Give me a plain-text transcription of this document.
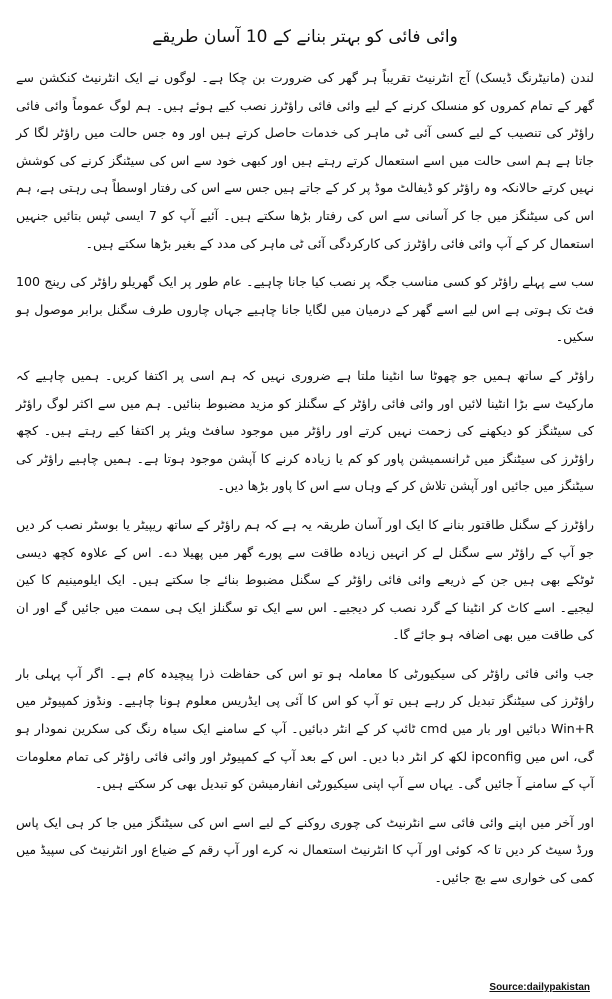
وائی فائی کو بہتر بنانے کے 10 آسان طریقے

لندن (مانیٹرنگ ڈیسک) آج انٹرنیٹ تقریباً ہر گھر کی ضرورت بن چکا ہے۔ لوگوں نے ایک انٹرنیٹ کنکشن سے گھر کے تمام کمروں کو منسلک کرنے کے لیے وائی فائی راؤٹرز نصب کیے ہوئے ہیں۔ ہم لوگ عموماً وائی فائی راؤٹر کی تنصیب کے لیے کسی آئی ٹی ماہر کی خدمات حاصل کرتے ہیں اور وہ جس حالت میں راؤٹر لگا کر جاتا ہے ہم اسی حالت میں اسے استعمال کرتے رہتے ہیں اور کبھی خود سے اس کی سیٹنگز کرنے کی کوشش نہیں کرتے حالانکہ وہ راؤٹر کو ڈیفالٹ موڈ پر کر کے جاتے ہیں جس سے اس کی رفتار اوسطاً ہی رہتی ہے، ہم اس کی سیٹنگز میں جا کر آسانی سے اس کی رفتار بڑھا سکتے ہیں۔ آئیے آپ کو 7 ایسی ٹپس بتائیں جنہیں استعمال کر کے آپ وائی فائی راؤٹرز کی کارکردگی آئی ٹی ماہر کی مدد کے بغیر بڑھا سکتے ہیں۔

سب سے پہلے راؤٹر کو کسی مناسب جگہ پر نصب کیا جانا چاہیے۔ عام طور پر ایک گھریلو راؤٹر کی رینج 100 فٹ تک ہوتی ہے اس لیے اسے گھر کے درمیان میں لگایا جانا چاہیے جہاں چاروں طرف سگنل برابر موصول ہو سکیں۔

راؤٹر کے ساتھ ہمیں جو چھوٹا سا انٹینا ملتا ہے ضروری نہیں کہ ہم اسی پر اکتفا کریں۔ ہمیں چاہیے کہ مارکیٹ سے بڑا انٹینا لائیں اور وائی فائی راؤٹر کے سگنلز کو مزید مضبوط بنائیں۔ ہم میں سے اکثر لوگ راؤٹر کی سیٹنگز کو دیکھنے کی زحمت نہیں کرتے اور راؤٹر میں موجود سافٹ ویئر پر اکتفا کیے رہتے ہیں۔ کچھ راؤٹرز کی سیٹنگز میں ٹرانسمیشن پاور کو کم یا زیادہ کرنے کا آپشن موجود ہوتا ہے۔ ہمیں چاہیے راؤٹر کی سیٹنگز میں جائیں اور آپشن تلاش کر کے وہاں سے اس کا پاور بڑھا دیں۔

راؤٹرز کے سگنل طاقتور بنانے کا ایک اور آسان طریقہ یہ ہے کہ ہم راؤٹر کے ساتھ ریپیٹر یا بوسٹر نصب کر دیں جو آپ کے راؤٹر سے سگنل لے کر انہیں زیادہ طاقت سے پورے گھر میں پھیلا دے۔ اس کے علاوہ کچھ دیسی ٹوٹکے بھی ہیں جن کے ذریعے وائی فائی راؤٹر کے سگنل مضبوط بنائے جا سکتے ہیں۔ ایک ایلومینیم کا کین لیجیے۔ اسے کاٹ کر انٹینا کے گرد نصب کر دیجیے۔ اس سے ایک تو سگنلز ایک ہی سمت میں جائیں گے اور ان کی طاقت میں بھی اضافہ ہو جائے گا۔

جب وائی فائی راؤٹر کی سیکیورٹی کا معاملہ ہو تو اس کی حفاظت ذرا پیچیدہ کام ہے۔ اگر آپ پہلی بار راؤٹرز کی سیٹنگز تبدیل کر رہے ہیں تو آپ کو اس کا آئی پی ایڈریس معلوم ہونا چاہیے۔ ونڈوز کمپیوٹر میں Win+R دبائیں اور بار میں cmd ٹائپ کر کے انٹر دبائیں۔ آپ کے سامنے ایک سیاہ رنگ کی سکرین نمودار ہو گی، اس میں ipconfig لکھ کر انٹر دبا دیں۔ اس کے بعد آپ کے کمپیوٹر اور وائی فائی راؤٹر کی تمام معلومات آپ کے سامنے آ جائیں گی۔ یہاں سے آپ اپنی سیکیورٹی انفارمیشن کو تبدیل بھی کر سکتے ہیں۔

اور آخر میں اپنے وائی فائی سے انٹرنیٹ کی چوری روکنے کے لیے اسے اس کی سیٹنگز میں جا کر ہی ایک پاس ورڈ سیٹ کر دیں تا کہ کوئی اور آپ کا انٹرنیٹ استعمال نہ کرے اور آپ رقم کے ضیاع اور انٹرنیٹ کی سپیڈ میں کمی کی خواری سے بچ جائیں۔

Source:dailypakistan
